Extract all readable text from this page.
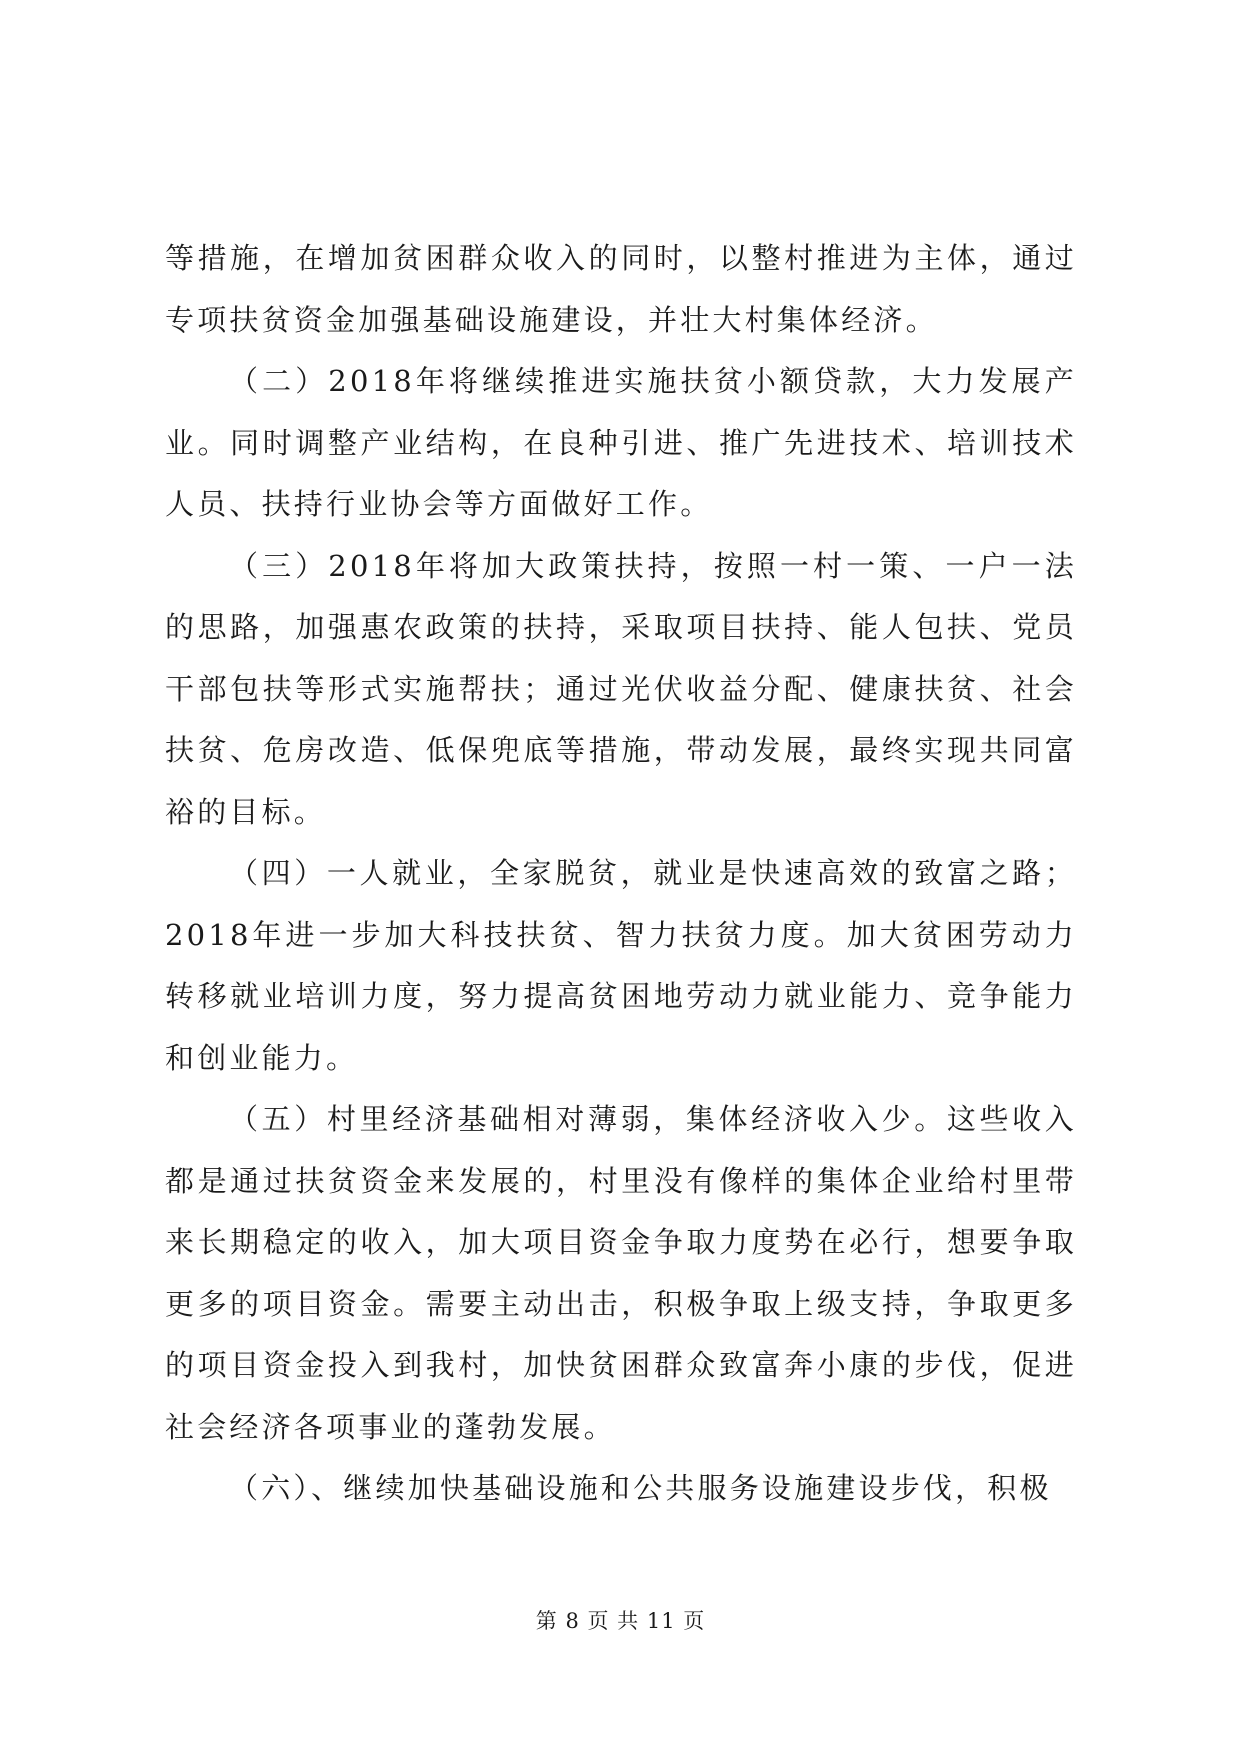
等措施，在增加贫困群众收入的同时，以整村推进为主体，通过专项扶贫资金加强基础设施建设，并壮大村集体经济。

（二）2018年将继续推进实施扶贫小额贷款，大力发展产业。同时调整产业结构，在良种引进、推广先进技术、培训技术人员、扶持行业协会等方面做好工作。

（三）2018年将加大政策扶持，按照一村一策、一户一法的思路，加强惠农政策的扶持，采取项目扶持、能人包扶、党员干部包扶等形式实施帮扶；通过光伏收益分配、健康扶贫、社会扶贫、危房改造、低保兜底等措施，带动发展，最终实现共同富裕的目标。

（四）一人就业，全家脱贫，就业是快速高效的致富之路；2018年进一步加大科技扶贫、智力扶贫力度。加大贫困劳动力转移就业培训力度，努力提高贫困地劳动力就业能力、竞争能力和创业能力。

（五）村里经济基础相对薄弱，集体经济收入少。这些收入都是通过扶贫资金来发展的，村里没有像样的集体企业给村里带来长期稳定的收入，加大项目资金争取力度势在必行，想要争取更多的项目资金。需要主动出击，积极争取上级支持，争取更多的项目资金投入到我村，加快贫困群众致富奔小康的步伐，促进社会经济各项事业的蓬勃发展。

（六）、继续加快基础设施和公共服务设施建设步伐，积极

第 8 页 共 11 页
